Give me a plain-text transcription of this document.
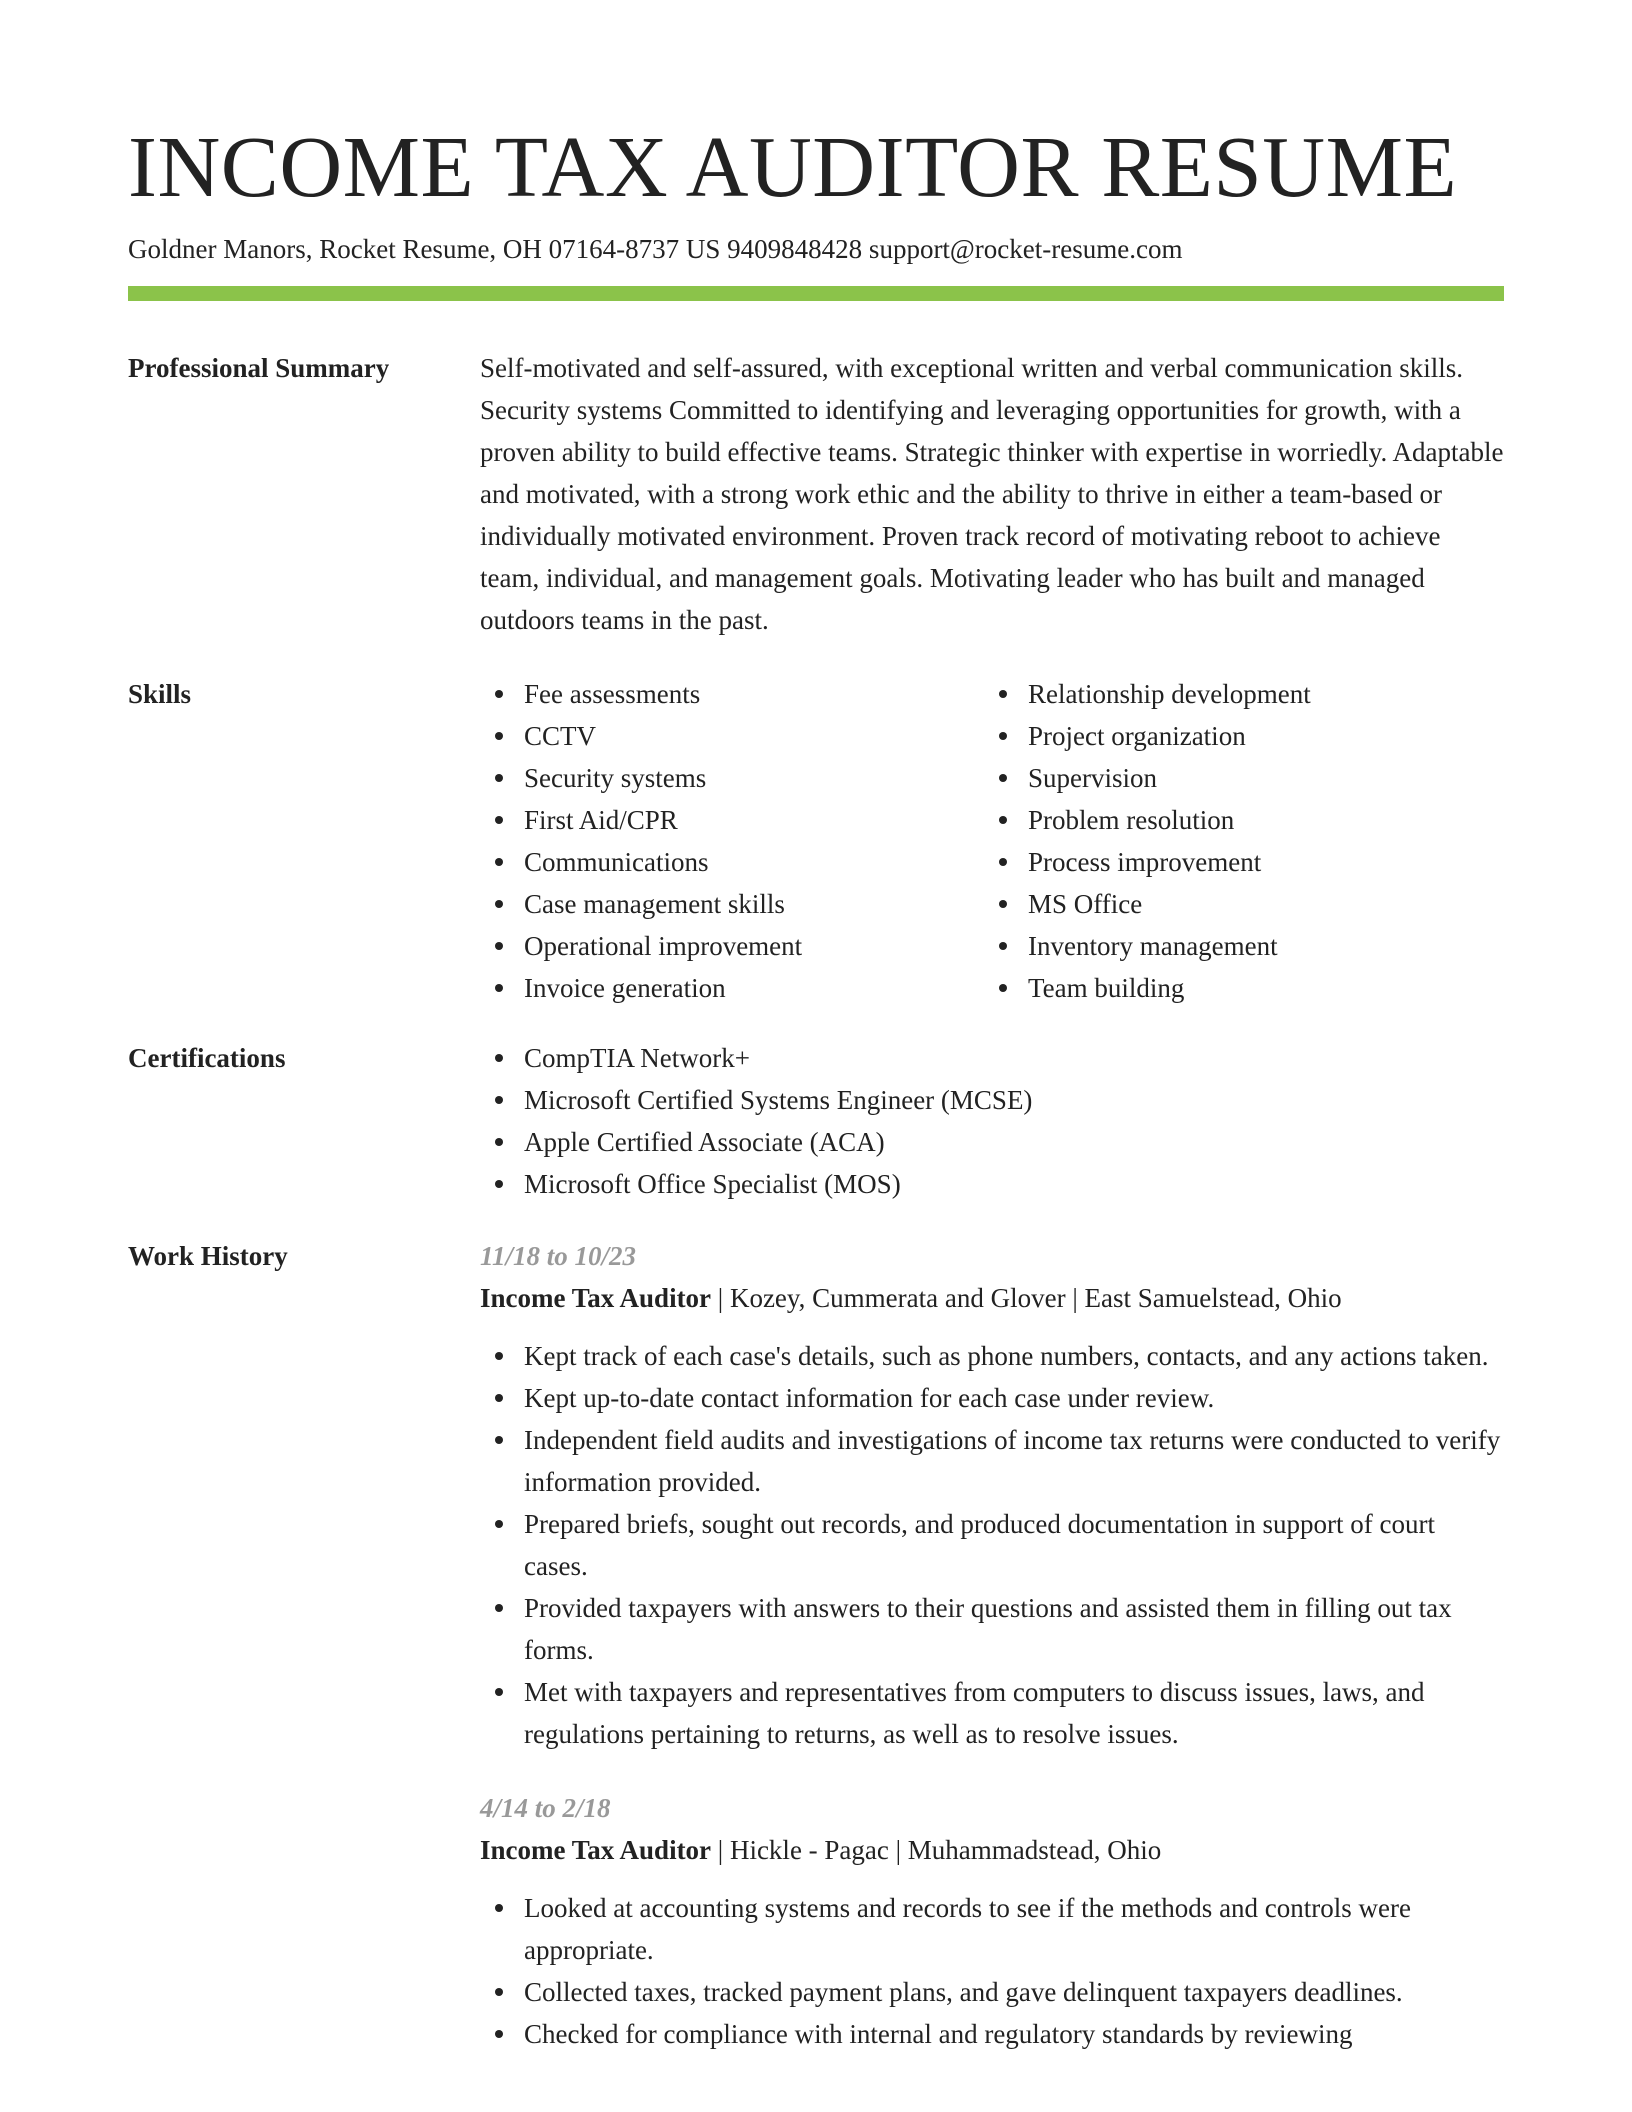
INCOME TAX AUDITOR RESUME
Goldner Manors, Rocket Resume, OH 07164-8737 US 9409848428 support@rocket-resume.com
Professional Summary	Self-motivated and self-assured, with exceptional written and verbal communication skills. Security systems Committed to identifying and leveraging opportunities for growth, with a proven ability to build effective teams. Strategic thinker with expertise in worriedly. Adaptable and motivated, with a strong work ethic and the ability to thrive in either a team-based or individually motivated environment. Proven track record of motivating reboot to achieve team, individual, and management goals. Motivating leader who has built and managed outdoors teams in the past.
Skills	Fee assessments
CCTV
Security systems
First Aid/CPR
Communications
Case management skills
Operational improvement
Invoice generation
Relationship development
Project organization
Supervision
Problem resolution
Process improvement
MS Office
Inventory management
Team building
Certifications	CompTIA Network+
Microsoft Certified Systems Engineer (MCSE)
Apple Certified Associate (ACA)
Microsoft Office Specialist (MOS)
Work History	11/18 to 10/23
Income Tax Auditor | Kozey, Cummerata and Glover | East Samuelstead, Ohio
Kept track of each case's details, such as phone numbers, contacts, and any actions taken.
Kept up-to-date contact information for each case under review.
Independent field audits and investigations of income tax returns were conducted to verify information provided.
Prepared briefs, sought out records, and produced documentation in support of court cases.
Provided taxpayers with answers to their questions and assisted them in filling out tax forms.
Met with taxpayers and representatives from computers to discuss issues, laws, and regulations pertaining to returns, as well as to resolve issues.
4/14 to 2/18
Income Tax Auditor | Hickle - Pagac | Muhammadstead, Ohio
Looked at accounting systems and records to see if the methods and controls were appropriate.
Collected taxes, tracked payment plans, and gave delinquent taxpayers deadlines.
Checked for compliance with internal and regulatory standards by reviewing
